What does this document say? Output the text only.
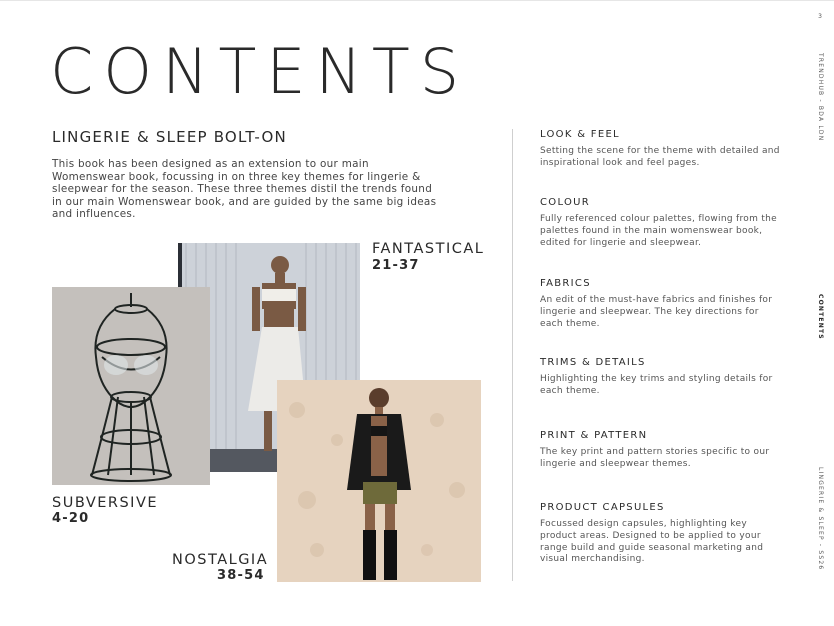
3
CONTENTS
LINGERIE & SLEEP BOLT-ON

This book has been designed as an extension to our main Womenswear book, focussing in on three key themes for lingerie & sleepwear for the season. These three themes distil the trends found in our main Womenswear book, and are guided by the same big ideas and influences.

FANTASTICAL
21-37
SUBVERSIVE
4-20
NOSTALGIA
38-54
LOOK & FEEL
Setting the scene for the theme with detailed and inspirational look and feel pages.
COLOUR
Fully referenced colour palettes, flowing from the palettes found in the main womenswear book, edited for lingerie and sleepwear.
FABRICS
An edit of the must-have fabrics and finishes for lingerie and sleepwear. The key directions for each theme.
TRIMS & DETAILS
Highlighting the key trims and styling details for each theme.
PRINT & PATTERN
The key print and pattern stories specific to our lingerie and sleepwear themes.
PRODUCT CAPSULES
Focussed design capsules, highlighting key product areas. Designed to be applied to your range build and guide seasonal marketing and visual merchandising.
TRENDHUB - BDA LDN
CONTENTS
LINGERIE & SLEEP - SS26
